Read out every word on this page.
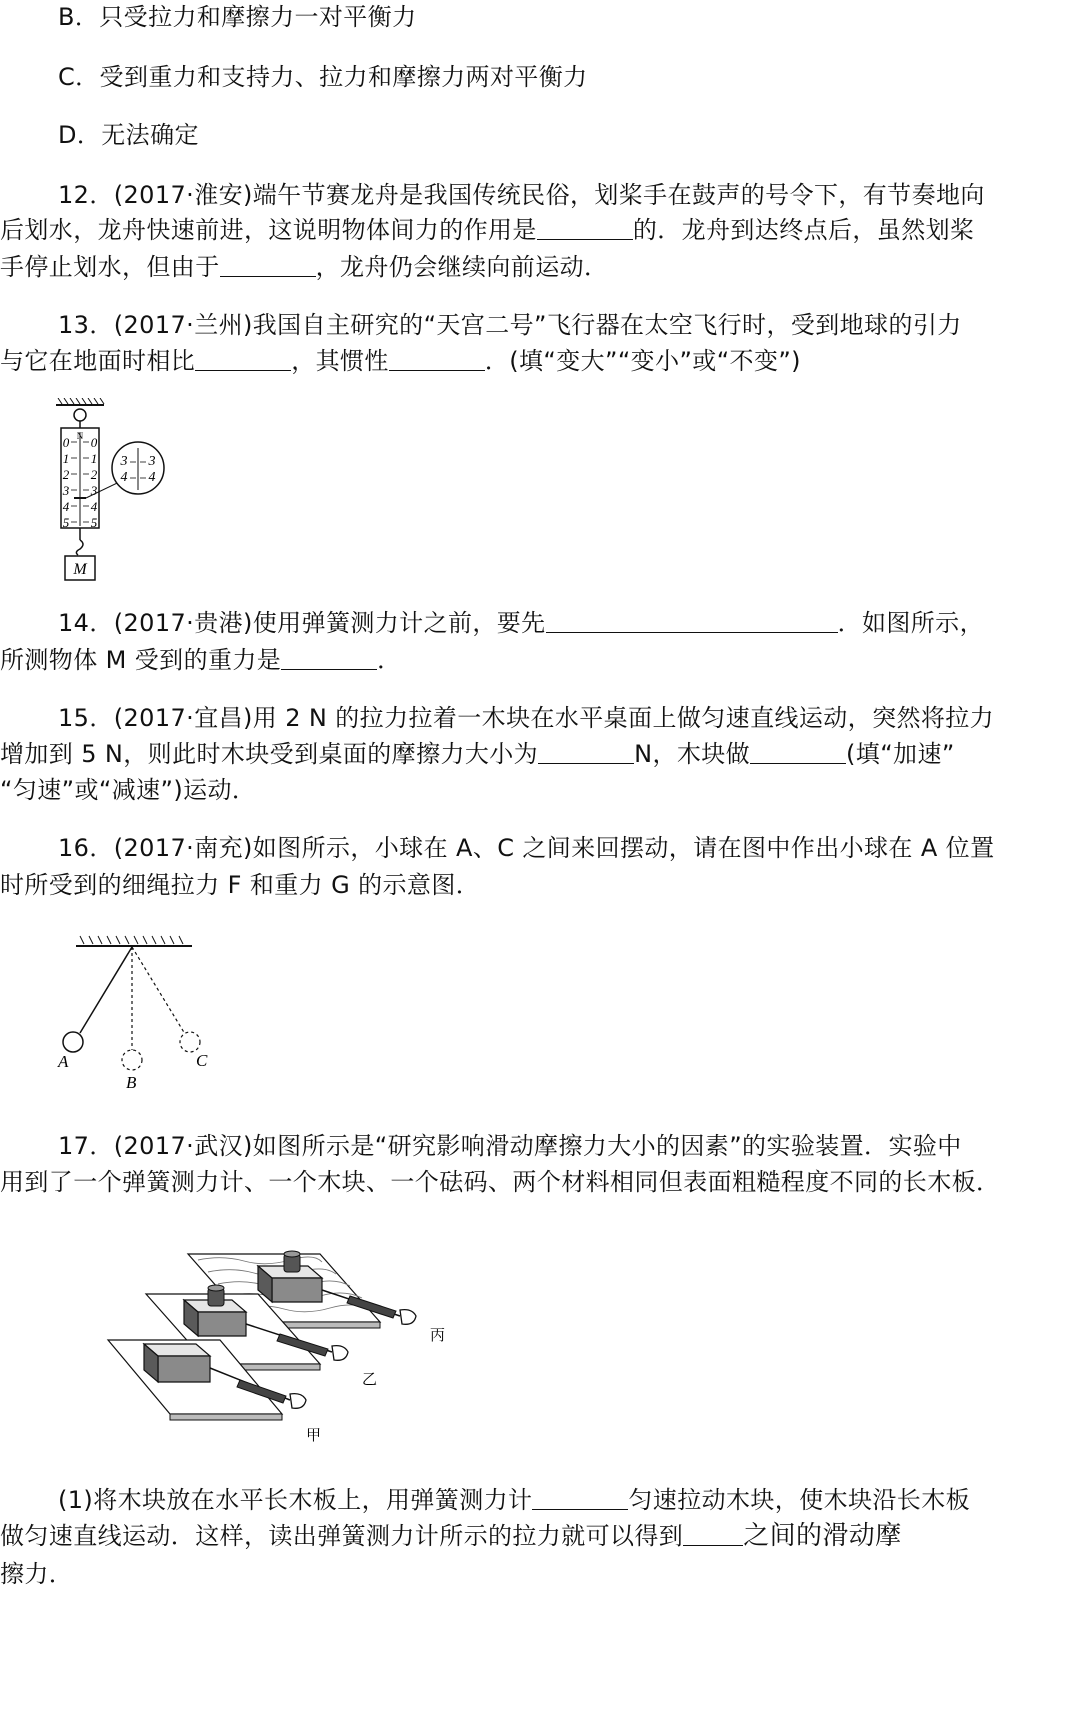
B．只受拉力和摩擦力一对平衡力
C．受到重力和支持力、拉力和摩擦力两对平衡力
D．无法确定
12．(2017·淮安)端午节赛龙舟是我国传统民俗，划桨手在鼓声的号令下，有节奏地向
后划水，龙舟快速前进，这说明物体间力的作用是	的．龙舟到达终点后，虽然划桨
手停止划水，但由于	，龙舟仍会继续向前运动．
13．(2017·兰州)我国自主研究的“天宫二号”飞行器在太空飞行时，受到地球的引力
与它在地面时相比	，其惯性	．(填“变大”“变小”或“不变”)
N
0
1
2
3
4
5
0
1
2
3
4
5
3
4
3
4
M
14．(2017·贵港)使用弹簧测力计之前，要先	．如图所示，
所测物体 M 受到的重力是	．
15．(2017·宜昌)用 2 N 的拉力拉着一木块在水平桌面上做匀速直线运动，突然将拉力
增加到 5 N，则此时木块受到桌面的摩擦力大小为	N，木块做	(填“加速”
“匀速”或“减速”)运动．
16．(2017·南充)如图所示，小球在 A、C 之间来回摆动，请在图中作出小球在 A 位置
时所受到的细绳拉力 F 和重力 G 的示意图．
A
B
C
17．(2017·武汉)如图所示是“研究影响滑动摩擦力大小的因素”的实验装置．实验中
用到了一个弹簧测力计、一个木块、一个砝码、两个材料相同但表面粗糙程度不同的长木板．
丙
乙
甲
(1)将木块放在水平长木板上，用弹簧测力计	匀速拉动木块，使木块沿长木板
做匀速直线运动．这样，读出弹簧测力计所示的拉力就可以得到 之间的滑动摩
擦力．
